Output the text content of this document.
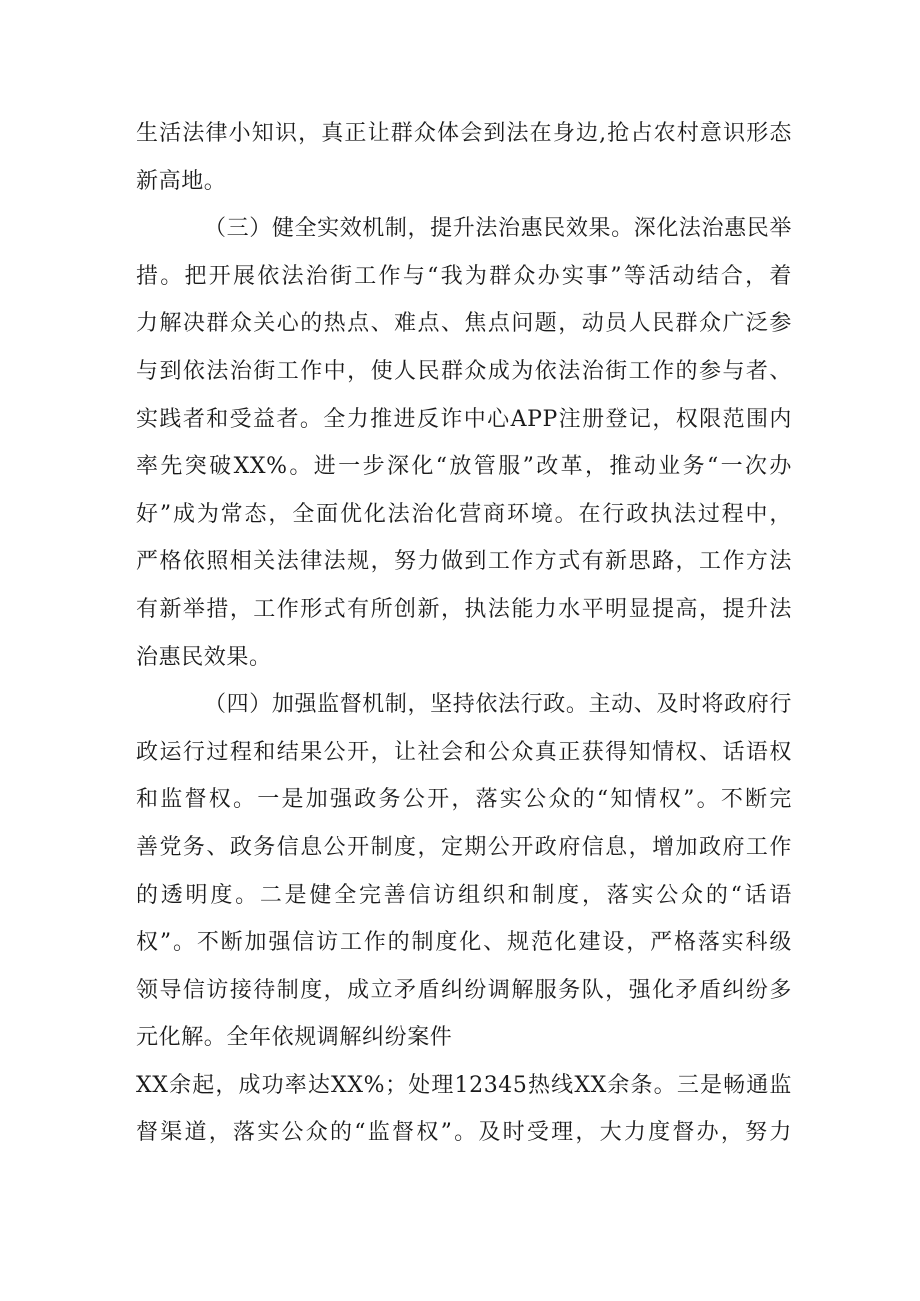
生活法律小知识，真正让群众体会到法在身边,抢占农村意识形态
新高地。
（三）健全实效机制，提升法治惠民效果。深化法治惠民举
措。把开展依法治街工作与“我为群众办实事”等活动结合，着
力解决群众关心的热点、难点、焦点问题，动员人民群众广泛参
与到依法治街工作中，使人民群众成为依法治街工作的参与者、
实践者和受益者。全力推进反诈中心APP注册登记，权限范围内
率先突破XX%。进一步深化“放管服”改革，推动业务“一次办
好”成为常态，全面优化法治化营商环境。在行政执法过程中，
严格依照相关法律法规，努力做到工作方式有新思路，工作方法
有新举措，工作形式有所创新，执法能力水平明显提高，提升法
治惠民效果。
（四）加强监督机制，坚持依法行政。主动、及时将政府行
政运行过程和结果公开，让社会和公众真正获得知情权、话语权
和监督权。一是加强政务公开，落实公众的“知情权”。不断完
善党务、政务信息公开制度，定期公开政府信息，增加政府工作
的透明度。二是健全完善信访组织和制度，落实公众的“话语
权”。不断加强信访工作的制度化、规范化建设，严格落实科级
领导信访接待制度，成立矛盾纠纷调解服务队，强化矛盾纠纷多
元化解。全年依规调解纠纷案件
XX余起，成功率达XX%；处理12345热线XX余条。三是畅通监
督渠道，落实公众的“监督权”。及时受理，大力度督办，努力
